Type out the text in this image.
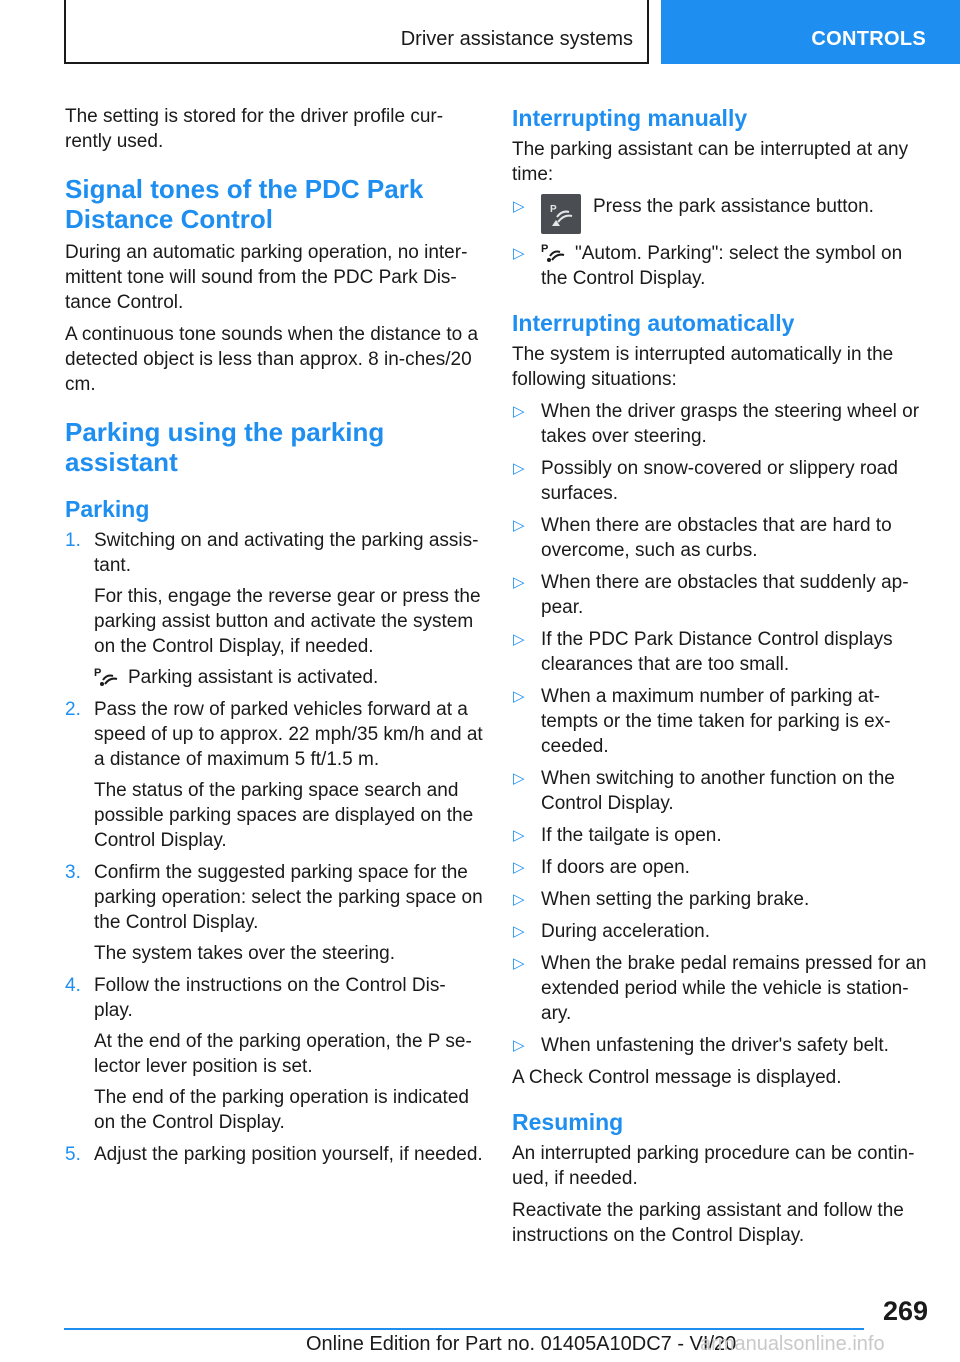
Driver assistance systems	CONTROLS

The setting is stored for the driver profile cur‐rently used.

Signal tones of the PDC Park Distance Control

During an automatic parking operation, no inter‐mittent tone will sound from the PDC Park Dis‐tance Control.

A continuous tone sounds when the distance to a detected object is less than approx. 8 in‐ches/20 cm.

Parking using the parking assistant
Parking
1. Switching on and activating the parking assis‐tant.
For this, engage the reverse gear or press the parking assist button and activate the system on the Control Display, if needed.
P Parking assistant is activated.
2. Pass the row of parked vehicles forward at a speed of up to approx. 22 mph/35 km/h and at a distance of maximum 5 ft/1.5 m.
The status of the parking space search and possible parking spaces are displayed on the Control Display.
3. Confirm the suggested parking space for the parking operation: select the parking space on the Control Display.
The system takes over the steering.
4. Follow the instructions on the Control Dis‐play.
At the end of the parking operation, the P se‐lector lever position is set.
The end of the parking operation is indicated on the Control Display.
5. Adjust the parking position yourself, if needed.
Interrupting manually

The parking assistant can be interrupted at any time:

▷	P Press the park assistance button.
▷ P "Autom. Parking": select the symbol on the Control Display.
Interrupting automatically

The system is interrupted automatically in the following situations:

▷ When the driver grasps the steering wheel or takes over steering.
▷ Possibly on snow-covered or slippery road surfaces.
▷ When there are obstacles that are hard to overcome, such as curbs.
▷ When there are obstacles that suddenly ap‐pear.
▷ If the PDC Park Distance Control displays clearances that are too small.
▷ When a maximum number of parking at‐tempts or the time taken for parking is ex‐ceeded.
▷ When switching to another function on the Control Display.
▷ If the tailgate is open.
▷ If doors are open.
▷ When setting the parking brake.
▷ During acceleration.
▷ When the brake pedal remains pressed for an extended period while the vehicle is station‐ary.
▷ When unfastening the driver's safety belt.

A Check Control message is displayed.

Resuming

An interrupted parking procedure can be contin‐ued, if needed.

Reactivate the parking assistant and follow the instructions on the Control Display.

269
Online Edition for Part no. 01405A10DC7 - VI/20
armanualsonline.info
